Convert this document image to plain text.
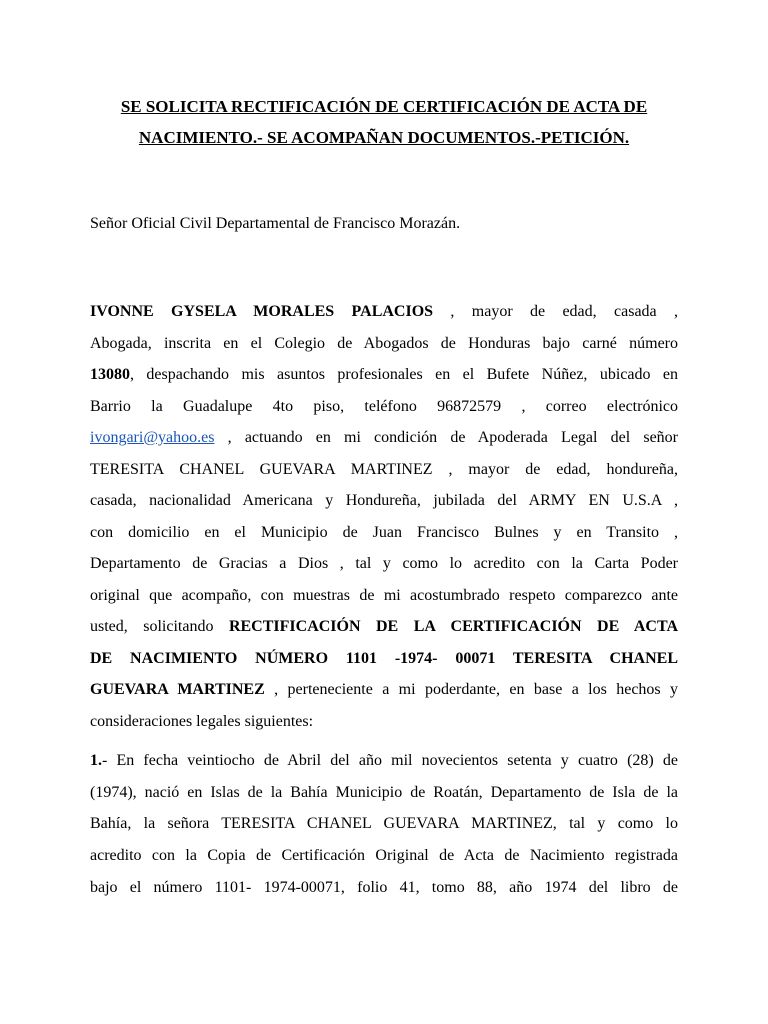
SE SOLICITA RECTIFICACIÓN DE CERTIFICACIÓN DE ACTA DE
NACIMIENTO.- SE ACOMPAÑAN DOCUMENTOS.-PETICIÓN.
Señor Oficial Civil Departamental de Francisco Morazán.
IVONNE GYSELA MORALES PALACIOS , mayor de edad, casada ,
Abogada, inscrita en el Colegio de Abogados de Honduras bajo carné número
13080, despachando mis asuntos profesionales en el Bufete Núñez, ubicado en
Barrio la Guadalupe 4to piso, teléfono 96872579 , correo electrónico
ivongari@yahoo.es , actuando en mi condición de Apoderada Legal del señor
TERESITA CHANEL GUEVARA MARTINEZ , mayor de edad, hondureña,
casada, nacionalidad Americana y Hondureña, jubilada del ARMY EN U.S.A ,
con domicilio en el Municipio de Juan Francisco Bulnes y en Transito ,
Departamento de Gracias a Dios , tal y como lo acredito con la Carta Poder
original que acompaño, con muestras de mi acostumbrado respeto comparezco ante
usted, solicitando RECTIFICACIÓN DE LA CERTIFICACIÓN DE ACTA
DE NACIMIENTO NÚMERO 1101 -1974- 00071 TERESITA CHANEL
GUEVARA MARTINEZ , perteneciente a mi poderdante, en base a los hechos y
consideraciones legales siguientes:
1.- En fecha veintiocho de Abril del año mil novecientos setenta y cuatro (28) de
(1974), nació en Islas de la Bahía Municipio de Roatán, Departamento de Isla de la
Bahía, la señora TERESITA CHANEL GUEVARA MARTINEZ, tal y como lo
acredito con la Copia de Certificación Original de Acta de Nacimiento registrada
bajo el número 1101- 1974-00071, folio 41, tomo 88, año 1974 del libro de
